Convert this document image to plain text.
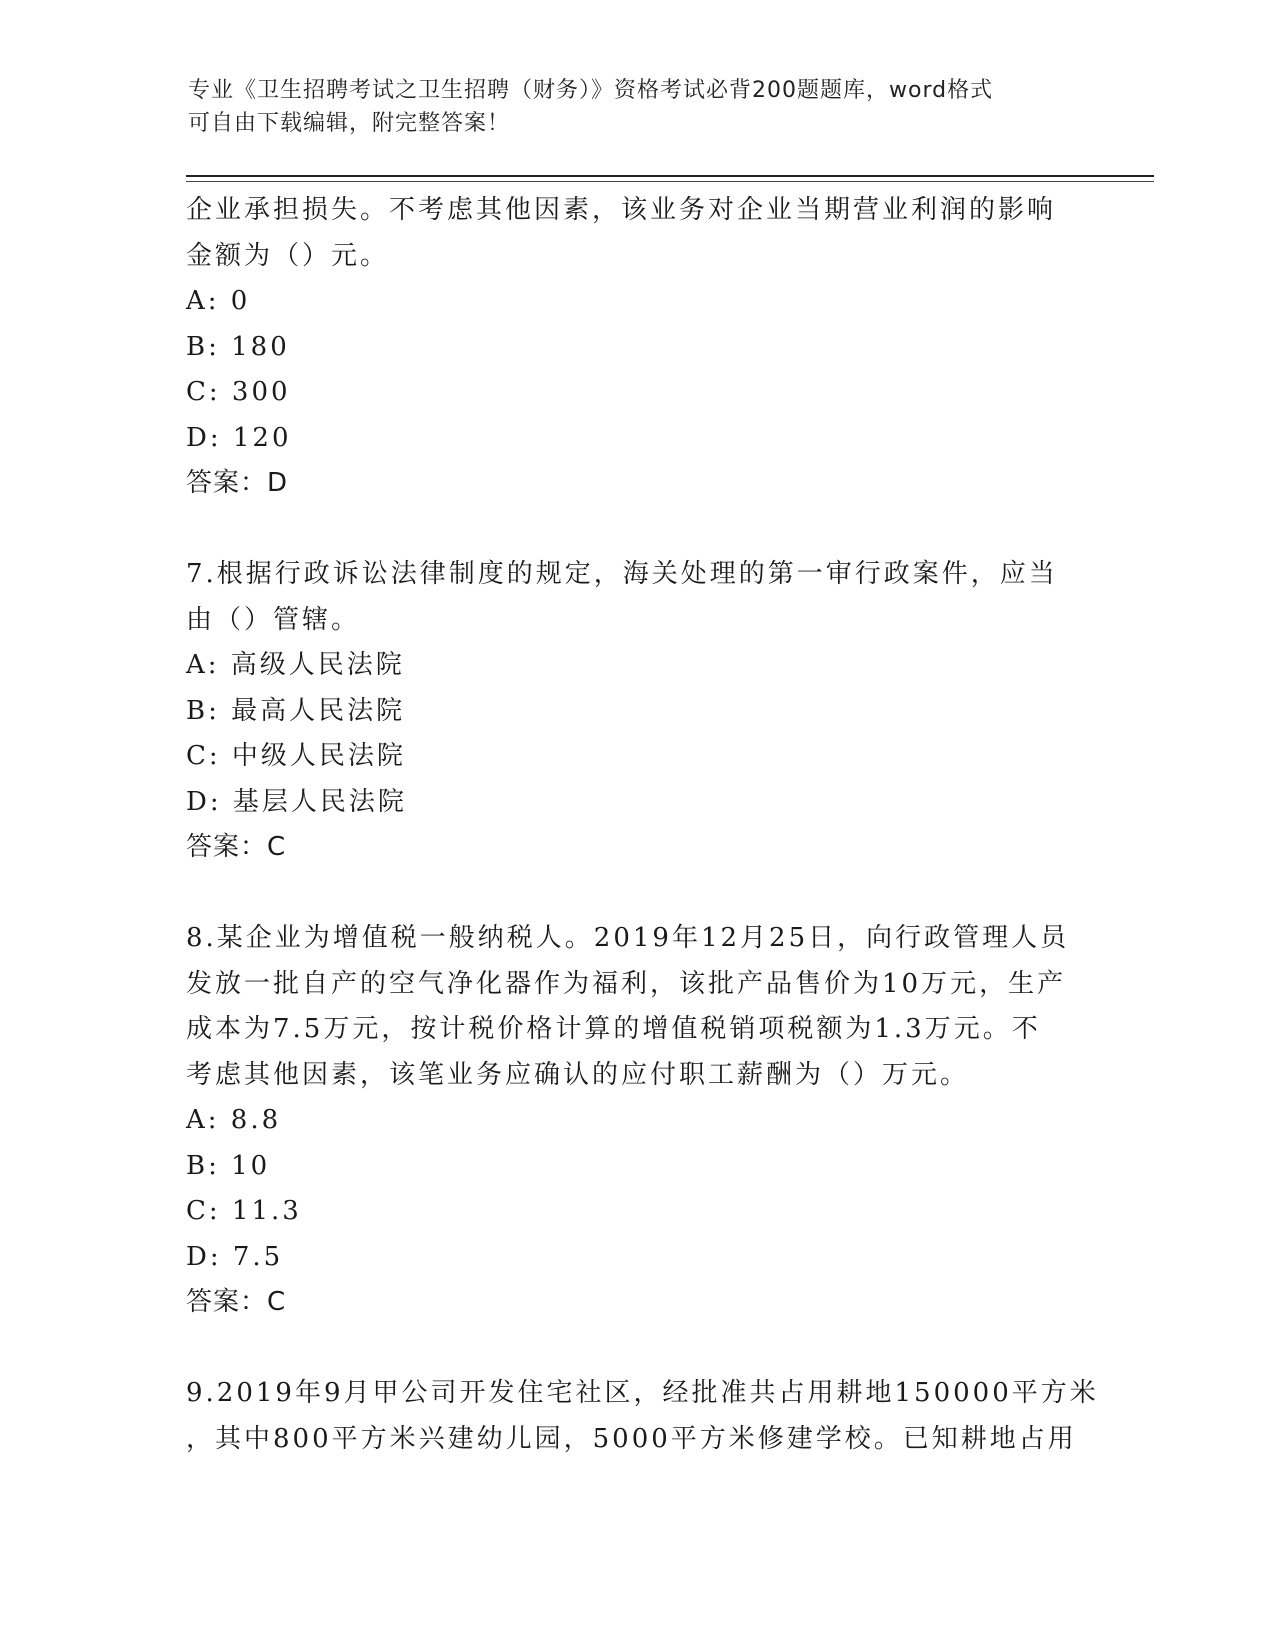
专业《卫生招聘考试之卫生招聘（财务）》资格考试必背200题题库，word格式
可自由下载编辑，附完整答案！
企业承担损失。不考虑其他因素，该业务对企业当期营业利润的影响
金额为（）元。
A: 0
B: 180
C: 300
D: 120
答案：D
7.根据行政诉讼法律制度的规定，海关处理的第一审行政案件，应当
由（）管辖。
A: 高级人民法院
B: 最高人民法院
C: 中级人民法院
D: 基层人民法院
答案：C
8.某企业为增值税一般纳税人。2019年12月25日，向行政管理人员
发放一批自产的空气净化器作为福利，该批产品售价为10万元，生产
成本为7.5万元，按计税价格计算的增值税销项税额为1.3万元。不
考虑其他因素，该笔业务应确认的应付职工薪酬为（）万元。
A: 8.8
B: 10
C: 11.3
D: 7.5
答案：C
9.2019年9月甲公司开发住宅社区，经批准共占用耕地150000平方米
，其中800平方米兴建幼儿园，5000平方米修建学校。已知耕地占用
